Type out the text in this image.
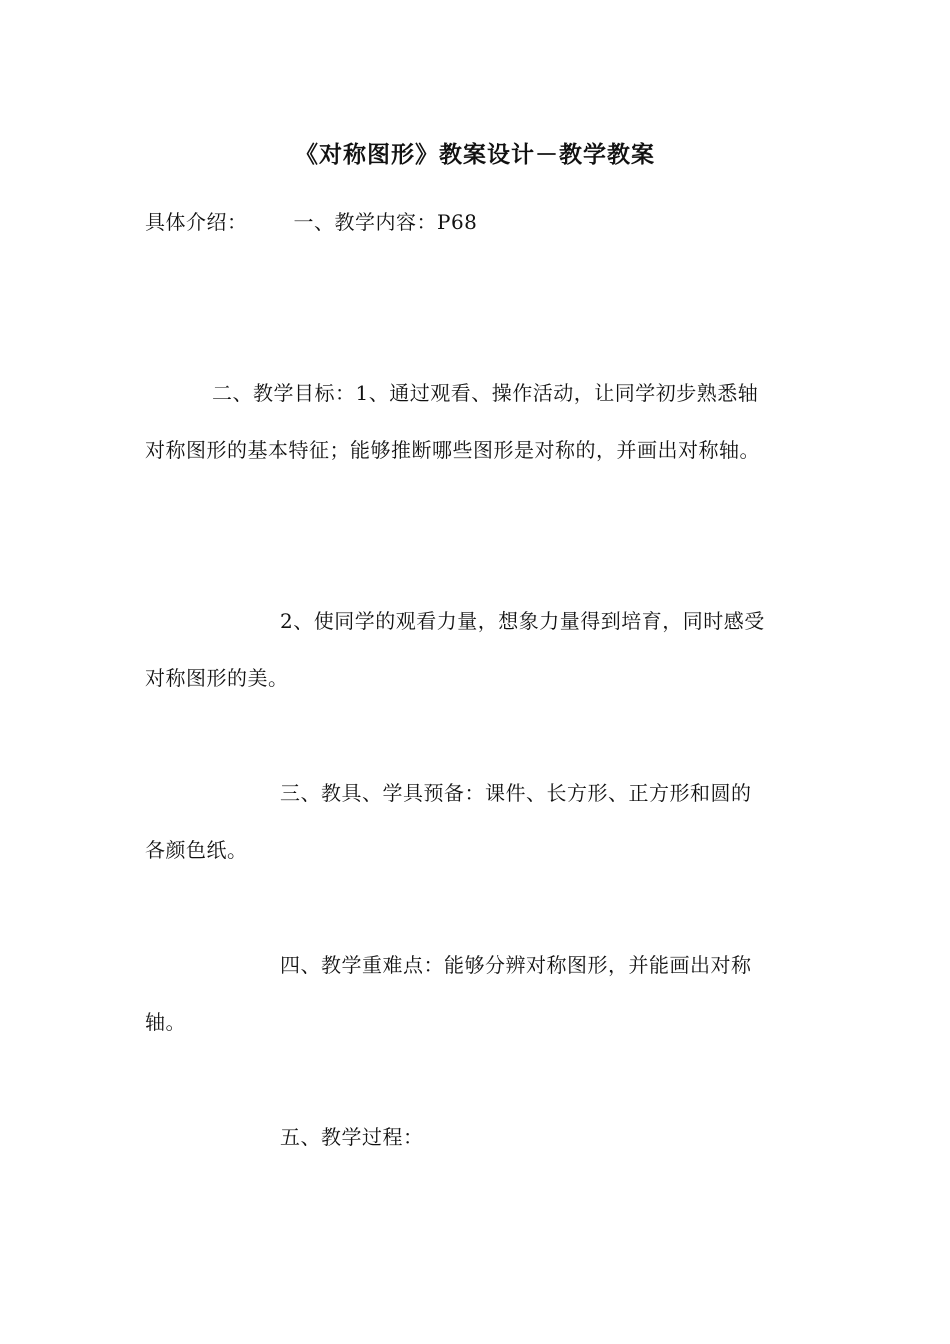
《对称图形》教案设计－教学教案
具体介绍： 一、教学内容：P68
二、教学目标：1、通过观看、操作活动，让同学初步熟悉轴
对称图形的基本特征；能够推断哪些图形是对称的，并画出对称轴。
2、使同学的观看力量，想象力量得到培育，同时感受
对称图形的美。
三、教具、学具预备：课件、长方形、正方形和圆的
各颜色纸。
四、教学重难点：能够分辨对称图形，并能画出对称
轴。
五、教学过程：
